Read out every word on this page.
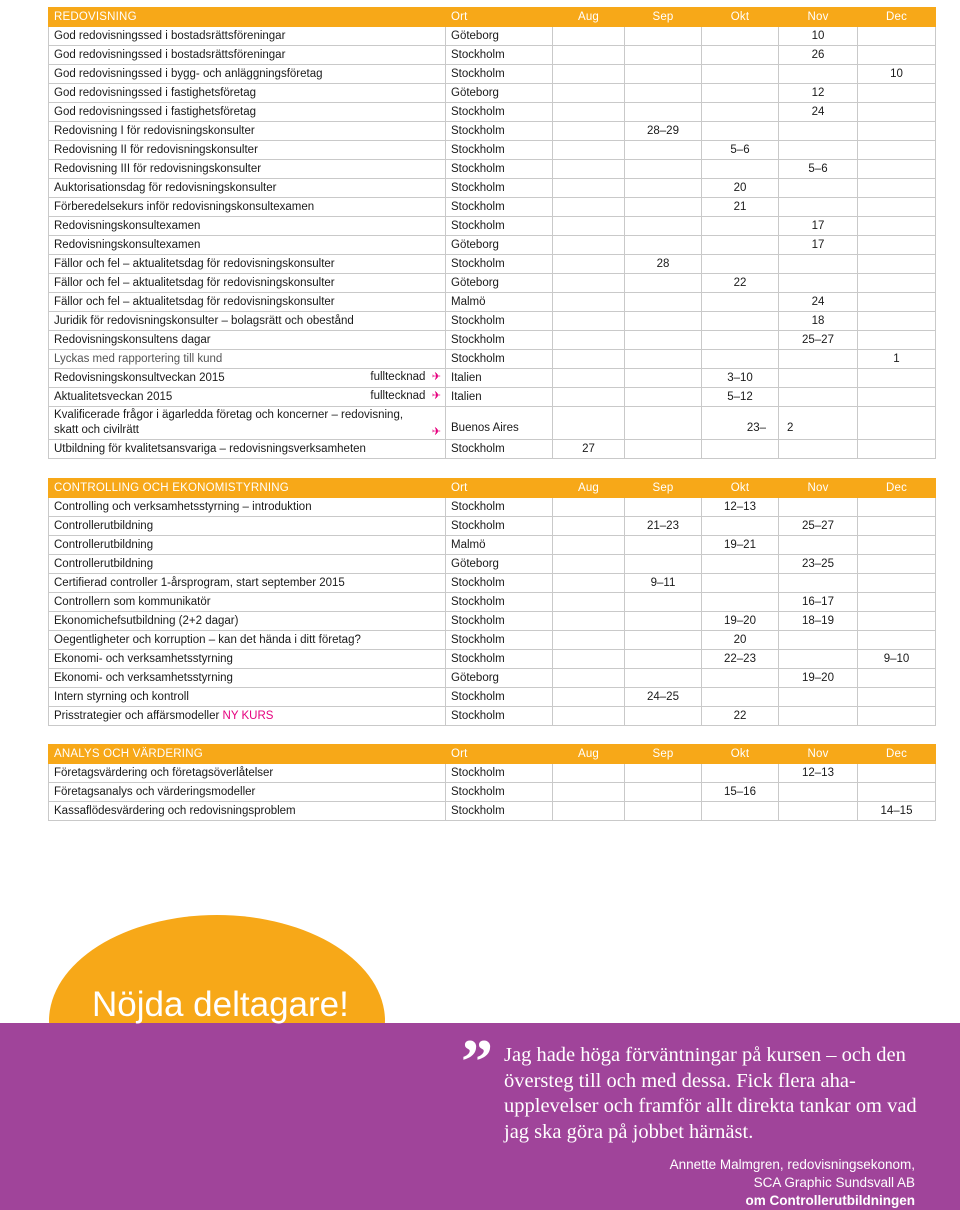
REDOVISNING	Ort	Aug	Sep	Okt	Nov	Dec
God redovisningssed i bostadsrättsföreningar	Göteborg				10	
God redovisningssed i bostadsrättsföreningar	Stockholm				26	
God redovisningssed i bygg- och anläggningsföretag	Stockholm					10
God redovisningssed i fastighetsföretag	Göteborg				12	
God redovisningssed i fastighetsföretag	Stockholm				24	
Redovisning I för redovisningskonsulter	Stockholm		28–29			
Redovisning II för redovisningskonsulter	Stockholm			5–6		
Redovisning III för redovisningskonsulter	Stockholm				5–6	
Auktorisationsdag för redovisningskonsulter	Stockholm			20		
Förberedelsekurs inför redovisningskonsultexamen	Stockholm			21		
Redovisningskonsultexamen	Stockholm				17	
Redovisningskonsultexamen	Göteborg				17	
Fällor och fel – aktualitetsdag för redovisningskonsulter	Stockholm		28			
Fällor och fel – aktualitetsdag för redovisningskonsulter	Göteborg			22		
Fällor och fel – aktualitetsdag för redovisningskonsulter	Malmö				24	
Juridik för redovisningskonsulter – bolagsrätt och obestånd	Stockholm				18	
Redovisningskonsultens dagar	Stockholm				25–27	
Lyckas med rapportering till kund	Stockholm					1
Redovisningskonsultveckan 2015 fulltecknad ✈	Italien			3–10		
Aktualitetsveckan 2015 fulltecknad ✈	Italien			5–12		

Kvalificerade frågor i ägarledda företag och koncerner – redovisning,
skatt och civilrätt ✈	Buenos Aires			23–	2	

Utbildning för kvalitetsansvariga – redovisningsverksamheten	Stockholm	27				
CONTROLLING OCH EKONOMISTYRNING	Ort	Aug	Sep	Okt	Nov	Dec
Controlling och verksamhetsstyrning – introduktion	Stockholm			12–13		
Controllerutbildning	Stockholm		21–23		25–27	
Controllerutbildning	Malmö			19–21		
Controllerutbildning	Göteborg				23–25	
Certifierad controller 1-årsprogram, start september 2015	Stockholm		9–11			
Controllern som kommunikatör	Stockholm				16–17	
Ekonomichefsutbildning (2+2 dagar)	Stockholm			19–20	18–19	
Oegentligheter och korruption – kan det hända i ditt företag?	Stockholm			20		
Ekonomi- och verksamhetsstyrning	Stockholm			22–23		9–10
Ekonomi- och verksamhetsstyrning	Göteborg				19–20	
Intern styrning och kontroll	Stockholm		24–25			
Prisstrategier och affärsmodeller NY KURS	Stockholm			22		
ANALYS OCH VÄRDERING	Ort	Aug	Sep	Okt	Nov	Dec
Företagsvärdering och företagsöverlåtelser	Stockholm				12–13	
Företagsanalys och värderingsmodeller	Stockholm			15–16		
Kassaflödesvärdering och redovisningsproblem	Stockholm					14–15
Nöjda deltagare!
” Jag hade höga förväntningar på kursen – och den översteg till och med dessa. Fick flera aha-upplevelser och framför allt direkta tankar om vad jag ska göra på jobbet härnäst.
Annette Malmgren, redovisningsekonom,
SCA Graphic Sundsvall AB
om Controllerutbildningen
